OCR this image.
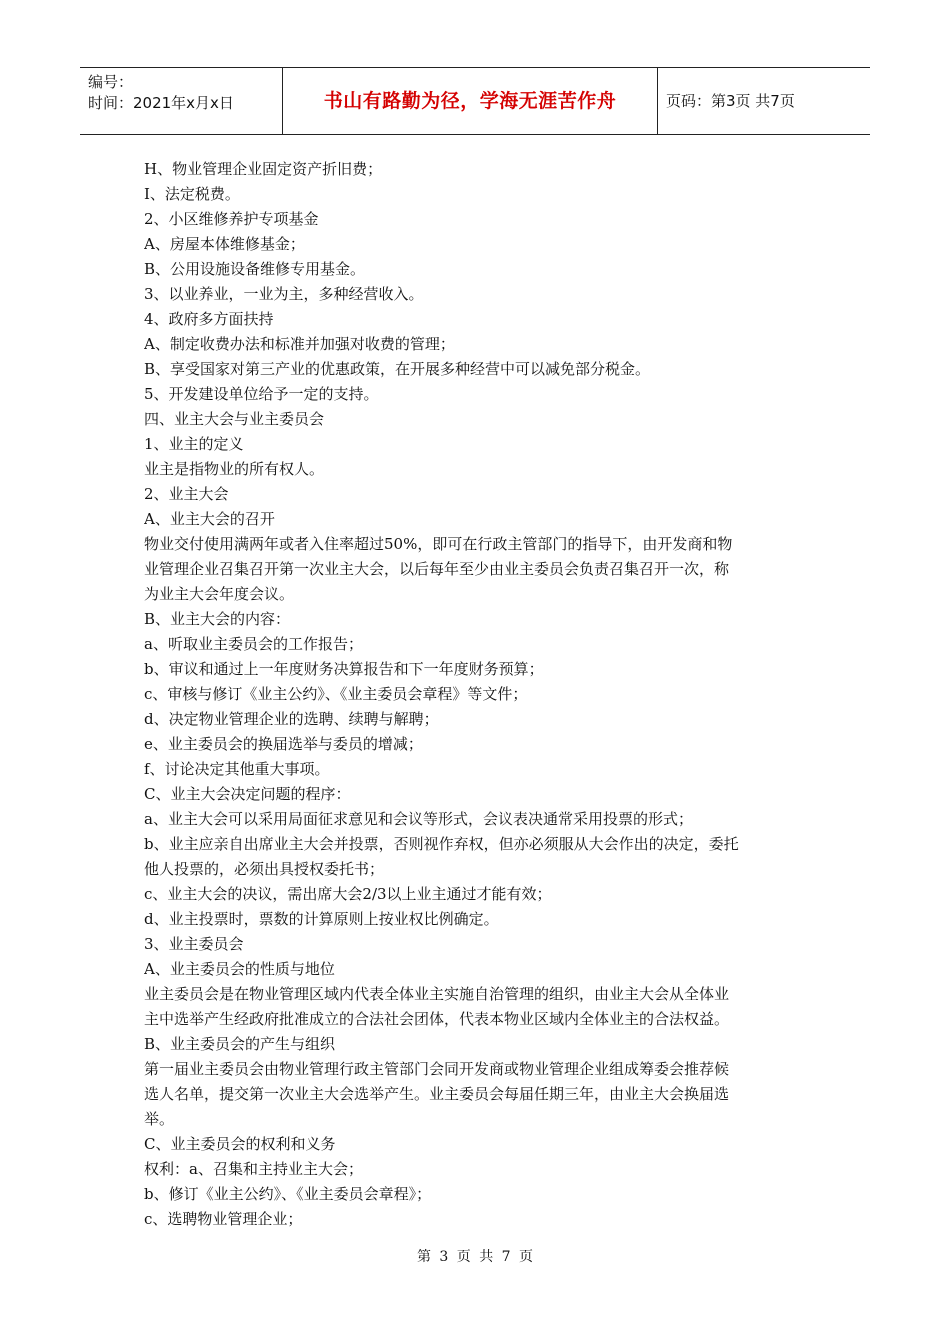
编号：
时间：2021年x月x日	书山有路勤为径，学海无涯苦作舟	页码：第3页 共7页
H、物业管理企业固定资产折旧费；
I、法定税费。
2、小区维修养护专项基金
A、房屋本体维修基金；
B、公用设施设备维修专用基金。
3、以业养业，一业为主，多种经营收入。
4、政府多方面扶持
A、制定收费办法和标准并加强对收费的管理；
B、享受国家对第三产业的优惠政策，在开展多种经营中可以减免部分税金。
5、开发建设单位给予一定的支持。
四、业主大会与业主委员会
1、业主的定义
业主是指物业的所有权人。
2、业主大会
A、业主大会的召开
物业交付使用满两年或者入住率超过50%，即可在行政主管部门的指导下，由开发商和物
业管理企业召集召开第一次业主大会，以后每年至少由业主委员会负责召集召开一次，称
为业主大会年度会议。
B、业主大会的内容：
a、听取业主委员会的工作报告；
b、审议和通过上一年度财务决算报告和下一年度财务预算；
c、审核与修订《业主公约》、《业主委员会章程》等文件；
d、决定物业管理企业的选聘、续聘与解聘；
e、业主委员会的换届选举与委员的增减；
f、讨论决定其他重大事项。
C、业主大会决定问题的程序：
a、业主大会可以采用局面征求意见和会议等形式，会议表决通常采用投票的形式；
b、业主应亲自出席业主大会并投票，否则视作弃权，但亦必须服从大会作出的决定，委托
他人投票的，必须出具授权委托书；
c、业主大会的决议，需出席大会2/3以上业主通过才能有效；
d、业主投票时，票数的计算原则上按业权比例确定。
3、业主委员会
A、业主委员会的性质与地位
业主委员会是在物业管理区域内代表全体业主实施自治管理的组织，由业主大会从全体业
主中选举产生经政府批准成立的合法社会团体，代表本物业区域内全体业主的合法权益。
B、业主委员会的产生与组织
第一届业主委员会由物业管理行政主管部门会同开发商或物业管理企业组成筹委会推荐候
选人名单，提交第一次业主大会选举产生。业主委员会每届任期三年，由业主大会换届选
举。
C、业主委员会的权利和义务
权利：a、召集和主持业主大会；
b、修订《业主公约》、《业主委员会章程》；
c、选聘物业管理企业；
第 3 页 共 7 页
